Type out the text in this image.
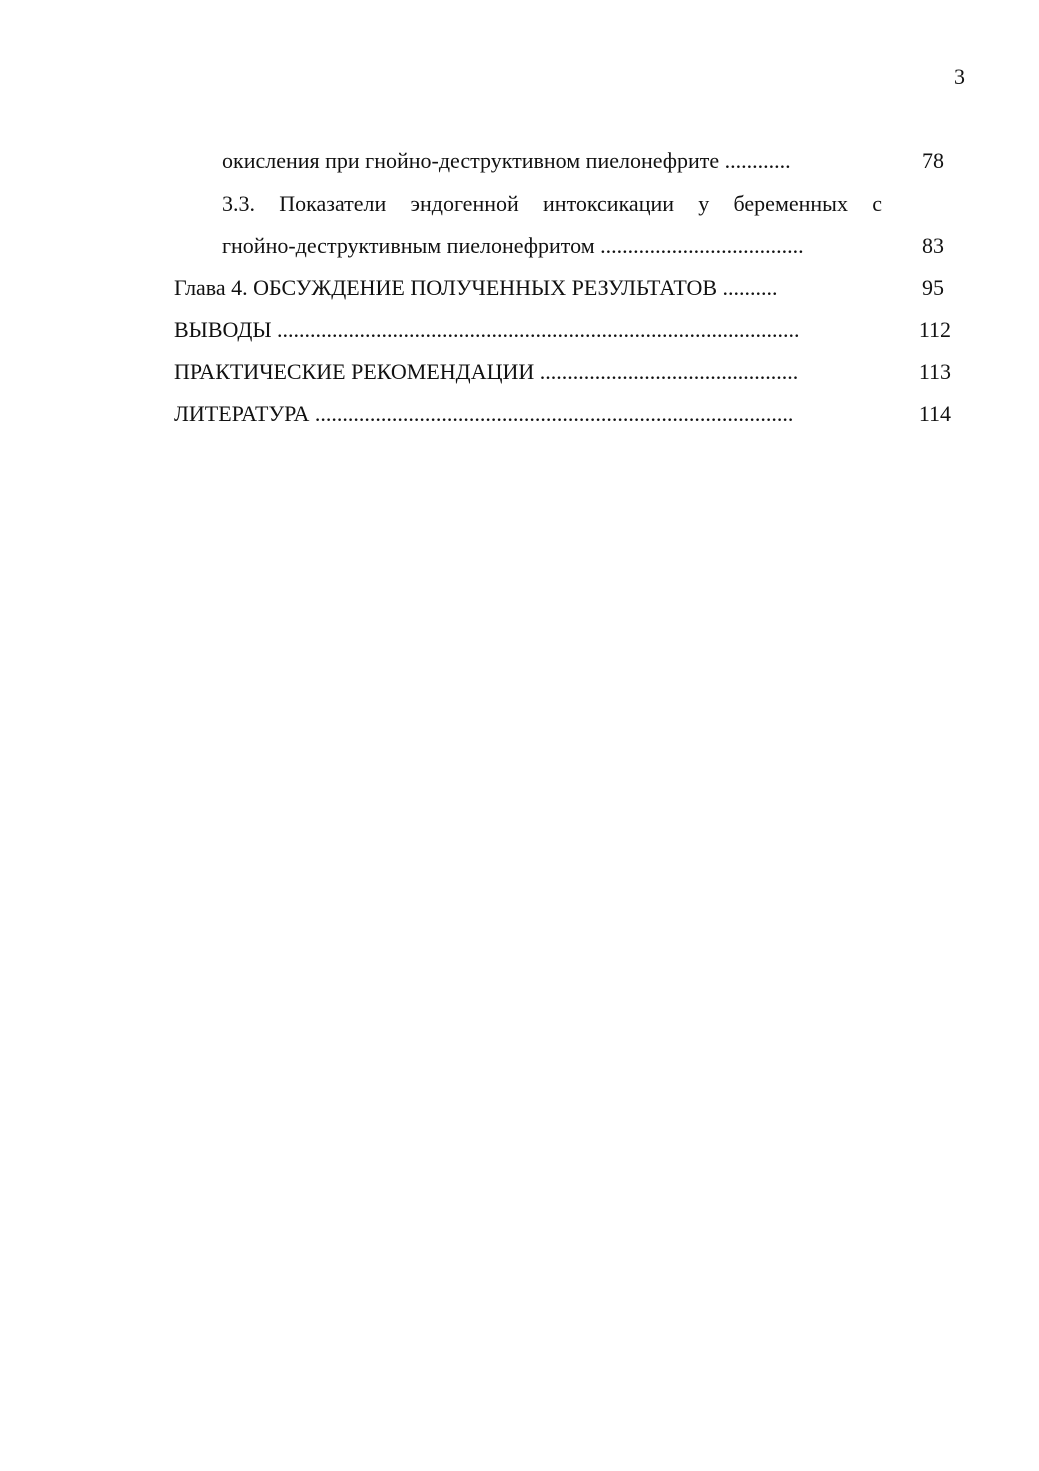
3
окисления при гнойно-деструктивном пиелонефрите ............	78
3.3. Показатели эндогенной интоксикации у беременных с
гнойно-деструктивным пиелонефритом .....................................	83
Глава 4. ОБСУЖДЕНИЕ ПОЛУЧЕННЫХ РЕЗУЛЬТАТОВ ..........	95
ВЫВОДЫ ...............................................................................................	112
ПРАКТИЧЕСКИЕ РЕКОМЕНДАЦИИ ...............................................	113
ЛИТЕРАТУРА .......................................................................................	114
